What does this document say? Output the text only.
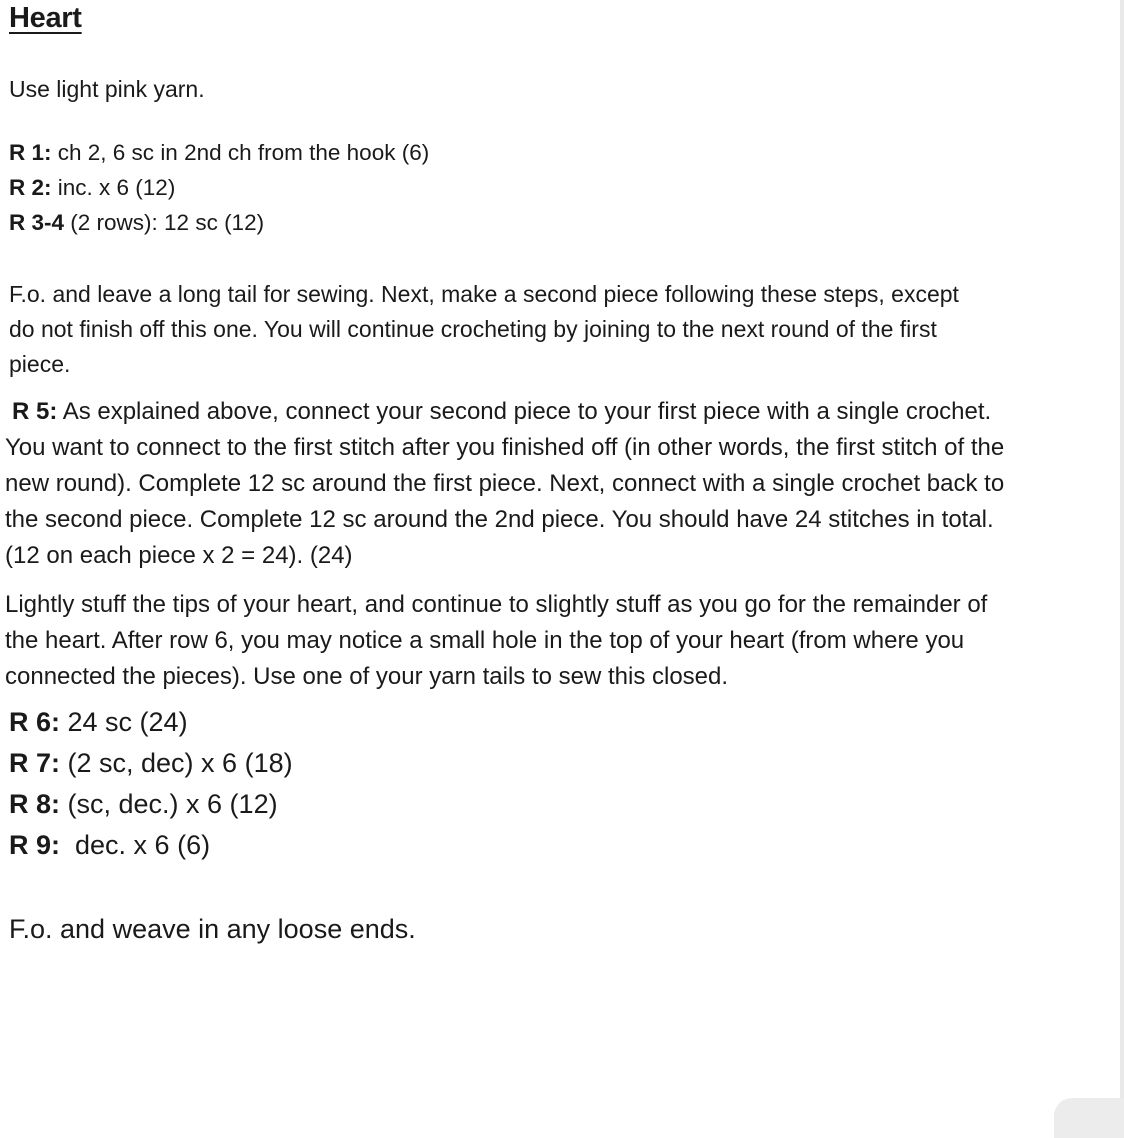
Heart
Use light pink yarn.
R 1: ch 2, 6 sc in 2nd ch from the hook (6)
R 2: inc. x 6 (12)
R 3-4 (2 rows): 12 sc (12)
F.o. and leave a long tail for sewing. Next, make a second piece following these steps, except
do not finish off this one. You will continue crocheting by joining to the next round of the first
piece.
R 5: As explained above, connect your second piece to your first piece with a single crochet.
You want to connect to the first stitch after you finished off (in other words, the first stitch of the
new round). Complete 12 sc around the first piece. Next, connect with a single crochet back to
the second piece. Complete 12 sc around the 2nd piece. You should have 24 stitches in total.
(12 on each piece x 2 = 24). (24)
Lightly stuff the tips of your heart, and continue to slightly stuff as you go for the remainder of
the heart. After row 6, you may notice a small hole in the top of your heart (from where you
connected the pieces). Use one of your yarn tails to sew this closed.
R 6: 24 sc (24)
R 7: (2 sc, dec) x 6 (18)
R 8: (sc, dec.) x 6 (12)
R 9:  dec. x 6 (6)
F.o. and weave in any loose ends.
